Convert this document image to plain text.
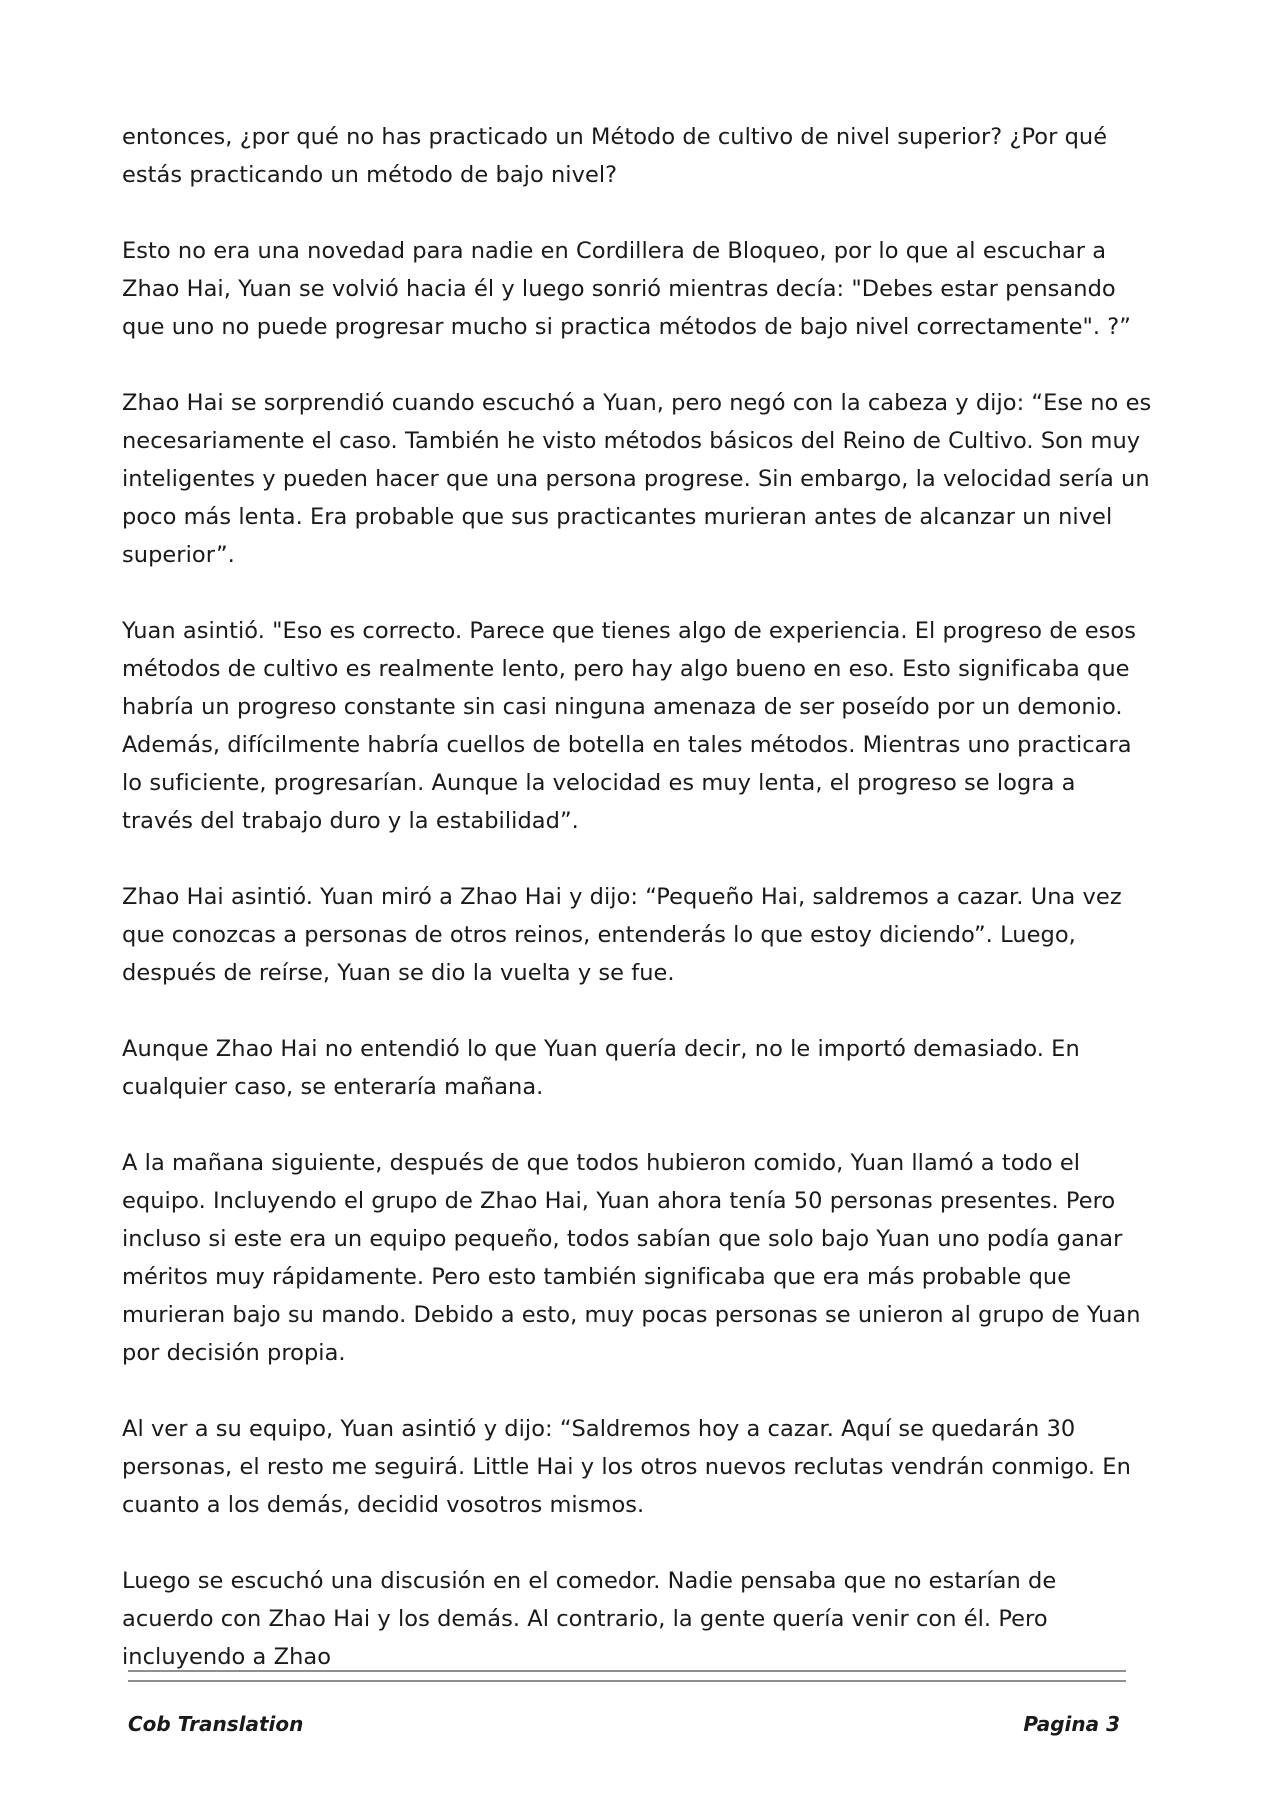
entonces, ¿por qué no has practicado un Método de cultivo de nivel superior? ¿Por qué estás practicando un método de bajo nivel?

Esto no era una novedad para nadie en Cordillera de Bloqueo, por lo que al escuchar a Zhao Hai, Yuan se volvió hacia él y luego sonrió mientras decía: "Debes estar pensando que uno no puede progresar mucho si practica métodos de bajo nivel correctamente". ?”

Zhao Hai se sorprendió cuando escuchó a Yuan, pero negó con la cabeza y dijo: “Ese no es necesariamente el caso. También he visto métodos básicos del Reino de Cultivo. Son muy inteligentes y pueden hacer que una persona progrese. Sin embargo, la velocidad sería un poco más lenta. Era probable que sus practicantes murieran antes de alcanzar un nivel superior”.

Yuan asintió. "Eso es correcto. Parece que tienes algo de experiencia. El progreso de esos métodos de cultivo es realmente lento, pero hay algo bueno en eso. Esto significaba que habría un progreso constante sin casi ninguna amenaza de ser poseído por un demonio. Además, difícilmente habría cuellos de botella en tales métodos. Mientras uno practicara lo suficiente, progresarían. Aunque la velocidad es muy lenta, el progreso se logra a través del trabajo duro y la estabilidad”.

Zhao Hai asintió. Yuan miró a Zhao Hai y dijo: “Pequeño Hai, saldremos a cazar. Una vez que conozcas a personas de otros reinos, entenderás lo que estoy diciendo”. Luego, después de reírse, Yuan se dio la vuelta y se fue.

Aunque Zhao Hai no entendió lo que Yuan quería decir, no le importó demasiado. En cualquier caso, se enteraría mañana.

A la mañana siguiente, después de que todos hubieron comido, Yuan llamó a todo el equipo. Incluyendo el grupo de Zhao Hai, Yuan ahora tenía 50 personas presentes. Pero incluso si este era un equipo pequeño, todos sabían que solo bajo Yuan uno podía ganar méritos muy rápidamente. Pero esto también significaba que era más probable que murieran bajo su mando. Debido a esto, muy pocas personas se unieron al grupo de Yuan por decisión propia.

Al ver a su equipo, Yuan asintió y dijo: “Saldremos hoy a cazar. Aquí se quedarán 30 personas, el resto me seguirá. Little Hai y los otros nuevos reclutas vendrán conmigo. En cuanto a los demás, decidid vosotros mismos.

Luego se escuchó una discusión en el comedor. Nadie pensaba que no estarían de acuerdo con Zhao Hai y los demás. Al contrario, la gente quería venir con él. Pero incluyendo a Zhao

Cob Translation	Pagina 3
